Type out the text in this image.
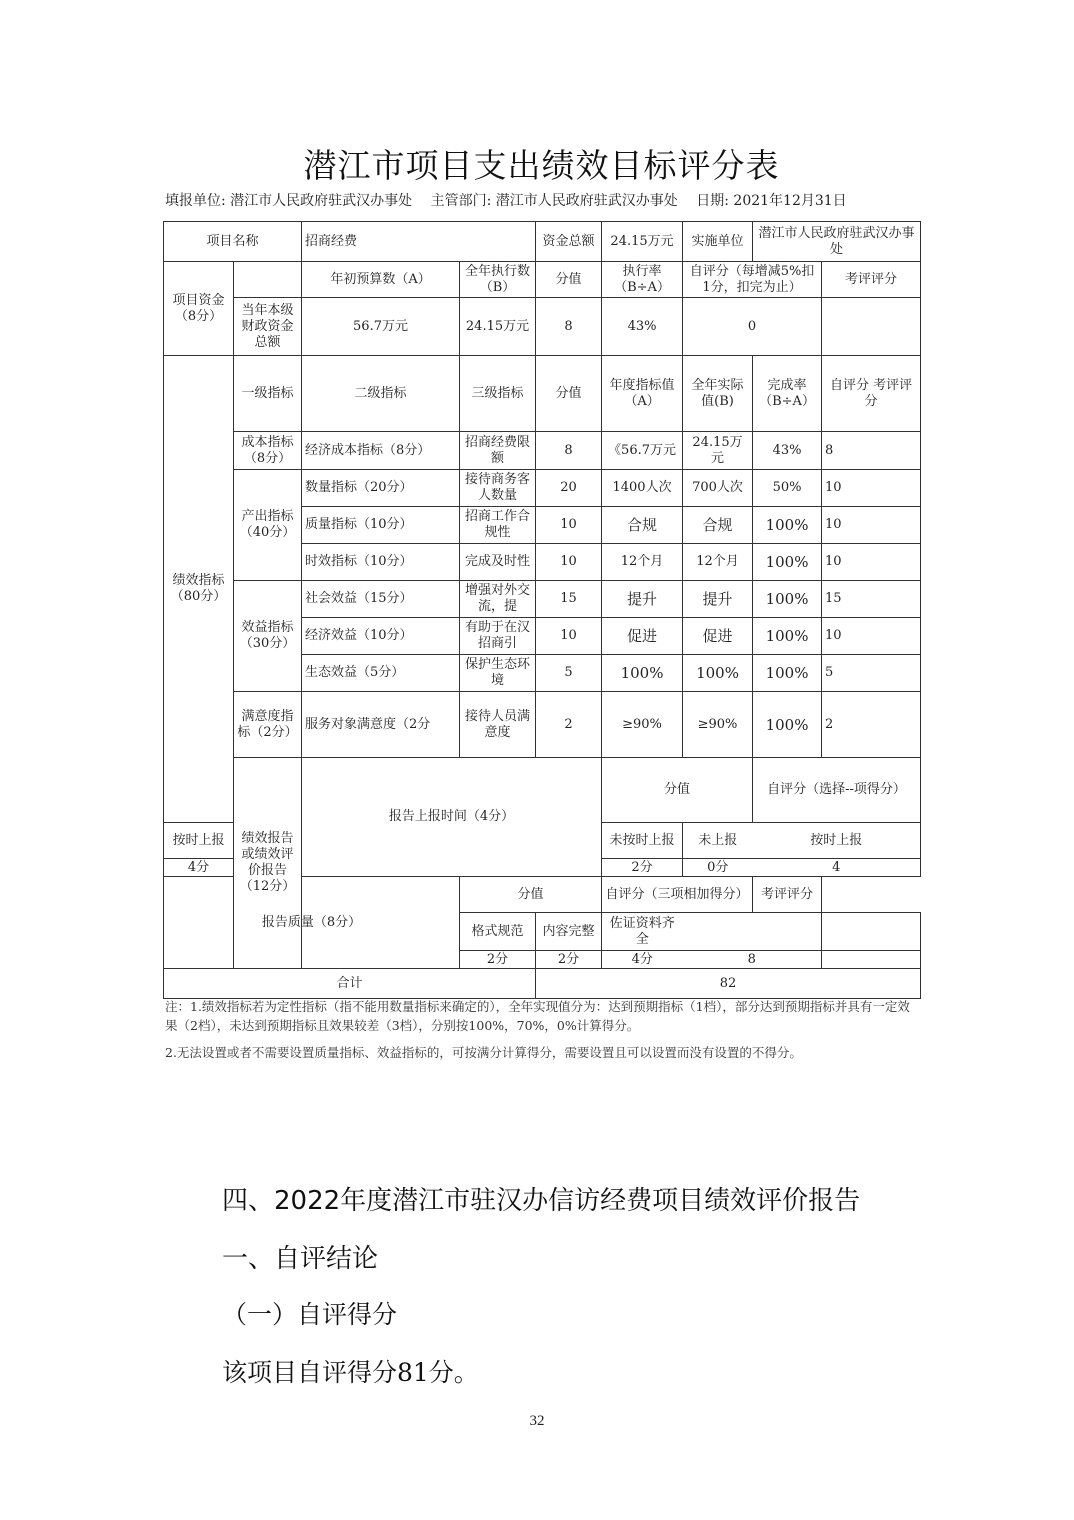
潜江市项目支出绩效目标评分表
填报单位: 潜江市人民政府驻武汉办事处 主管部门: 潜江市人民政府驻武汉办事处 日期: 2021年12月31日
项目名称		招商经费		资金总额	24.15万元	实施单位	潜江市人民政府驻武汉办事处		
项目资金（8分）		年初预算数（A）	全年执行数（B）	分值	执行率（B÷A）	自评分（每增减5%扣1分，扣完为止）		考评评分	
	当年本级财政资金总额	56.7万元	24.15万元	8	43%	0			
绩效指标（80分）	一级指标	二级指标	三级指标	分值	年度指标值（A）	全年实际值(B)	完成率（B÷A）	自评分 考评评分	
	成本指标（8分）	经济成本指标（8分）	招商经费限额	8	《56.7万元	24.15万元	43%	8	
	产出指标（40分）	数量指标（20分）	接待商务客人数量	20	1400人次	700人次	50%	10	
		质量指标（10分）	招商工作合规性	10	合规	合规	100%	10	
		时效指标（10分）	完成及时性	10	12个月	12个月	100%	10	
	效益指标（30分）	社会效益（15分）	增强对外交流，提	15	提升	提升	100%	15	
		经济效益（10分）	有助于在汉招商引	10	促进	促进	100%	10	
		生态效益（5分）	保护生态环境	5	100%	100%	100%	5	
	满意度指标（2分）	服务对象满意度（2分	接待人员满意度	2	≥90%	≥90%	100%	2	
	绩效报告或绩效评价报告（12分）	报告上报时间（4分）			分值		自评分（选择--项得分）	
按时上报					未按时上报	未上报	按时上报		
4分					2分	0分	4		
报告质量（8分）			分值		自评分（三项相加得分）		考评评分		
			格式规范	内容完整	佐证资料齐全				
			2分	2分	4分	8			
合计				82					

注：1.绩效指标若为定性指标（指不能用数量指标来确定的），全年实现值分为：达到预期指标（1档），部分达到预期指标并具有一定效果（2档），未达到预期指标且效果较差（3档），分别按100%，70%，0%计算得分。

2.无法设置或者不需要设置质量指标、效益指标的，可按满分计算得分，需要设置且可以设置而没有设置的不得分。

四、2022年度潜江市驻汉办信访经费项目绩效评价报告
一、自评结论
（一）自评得分
该项目自评得分81分。
32
